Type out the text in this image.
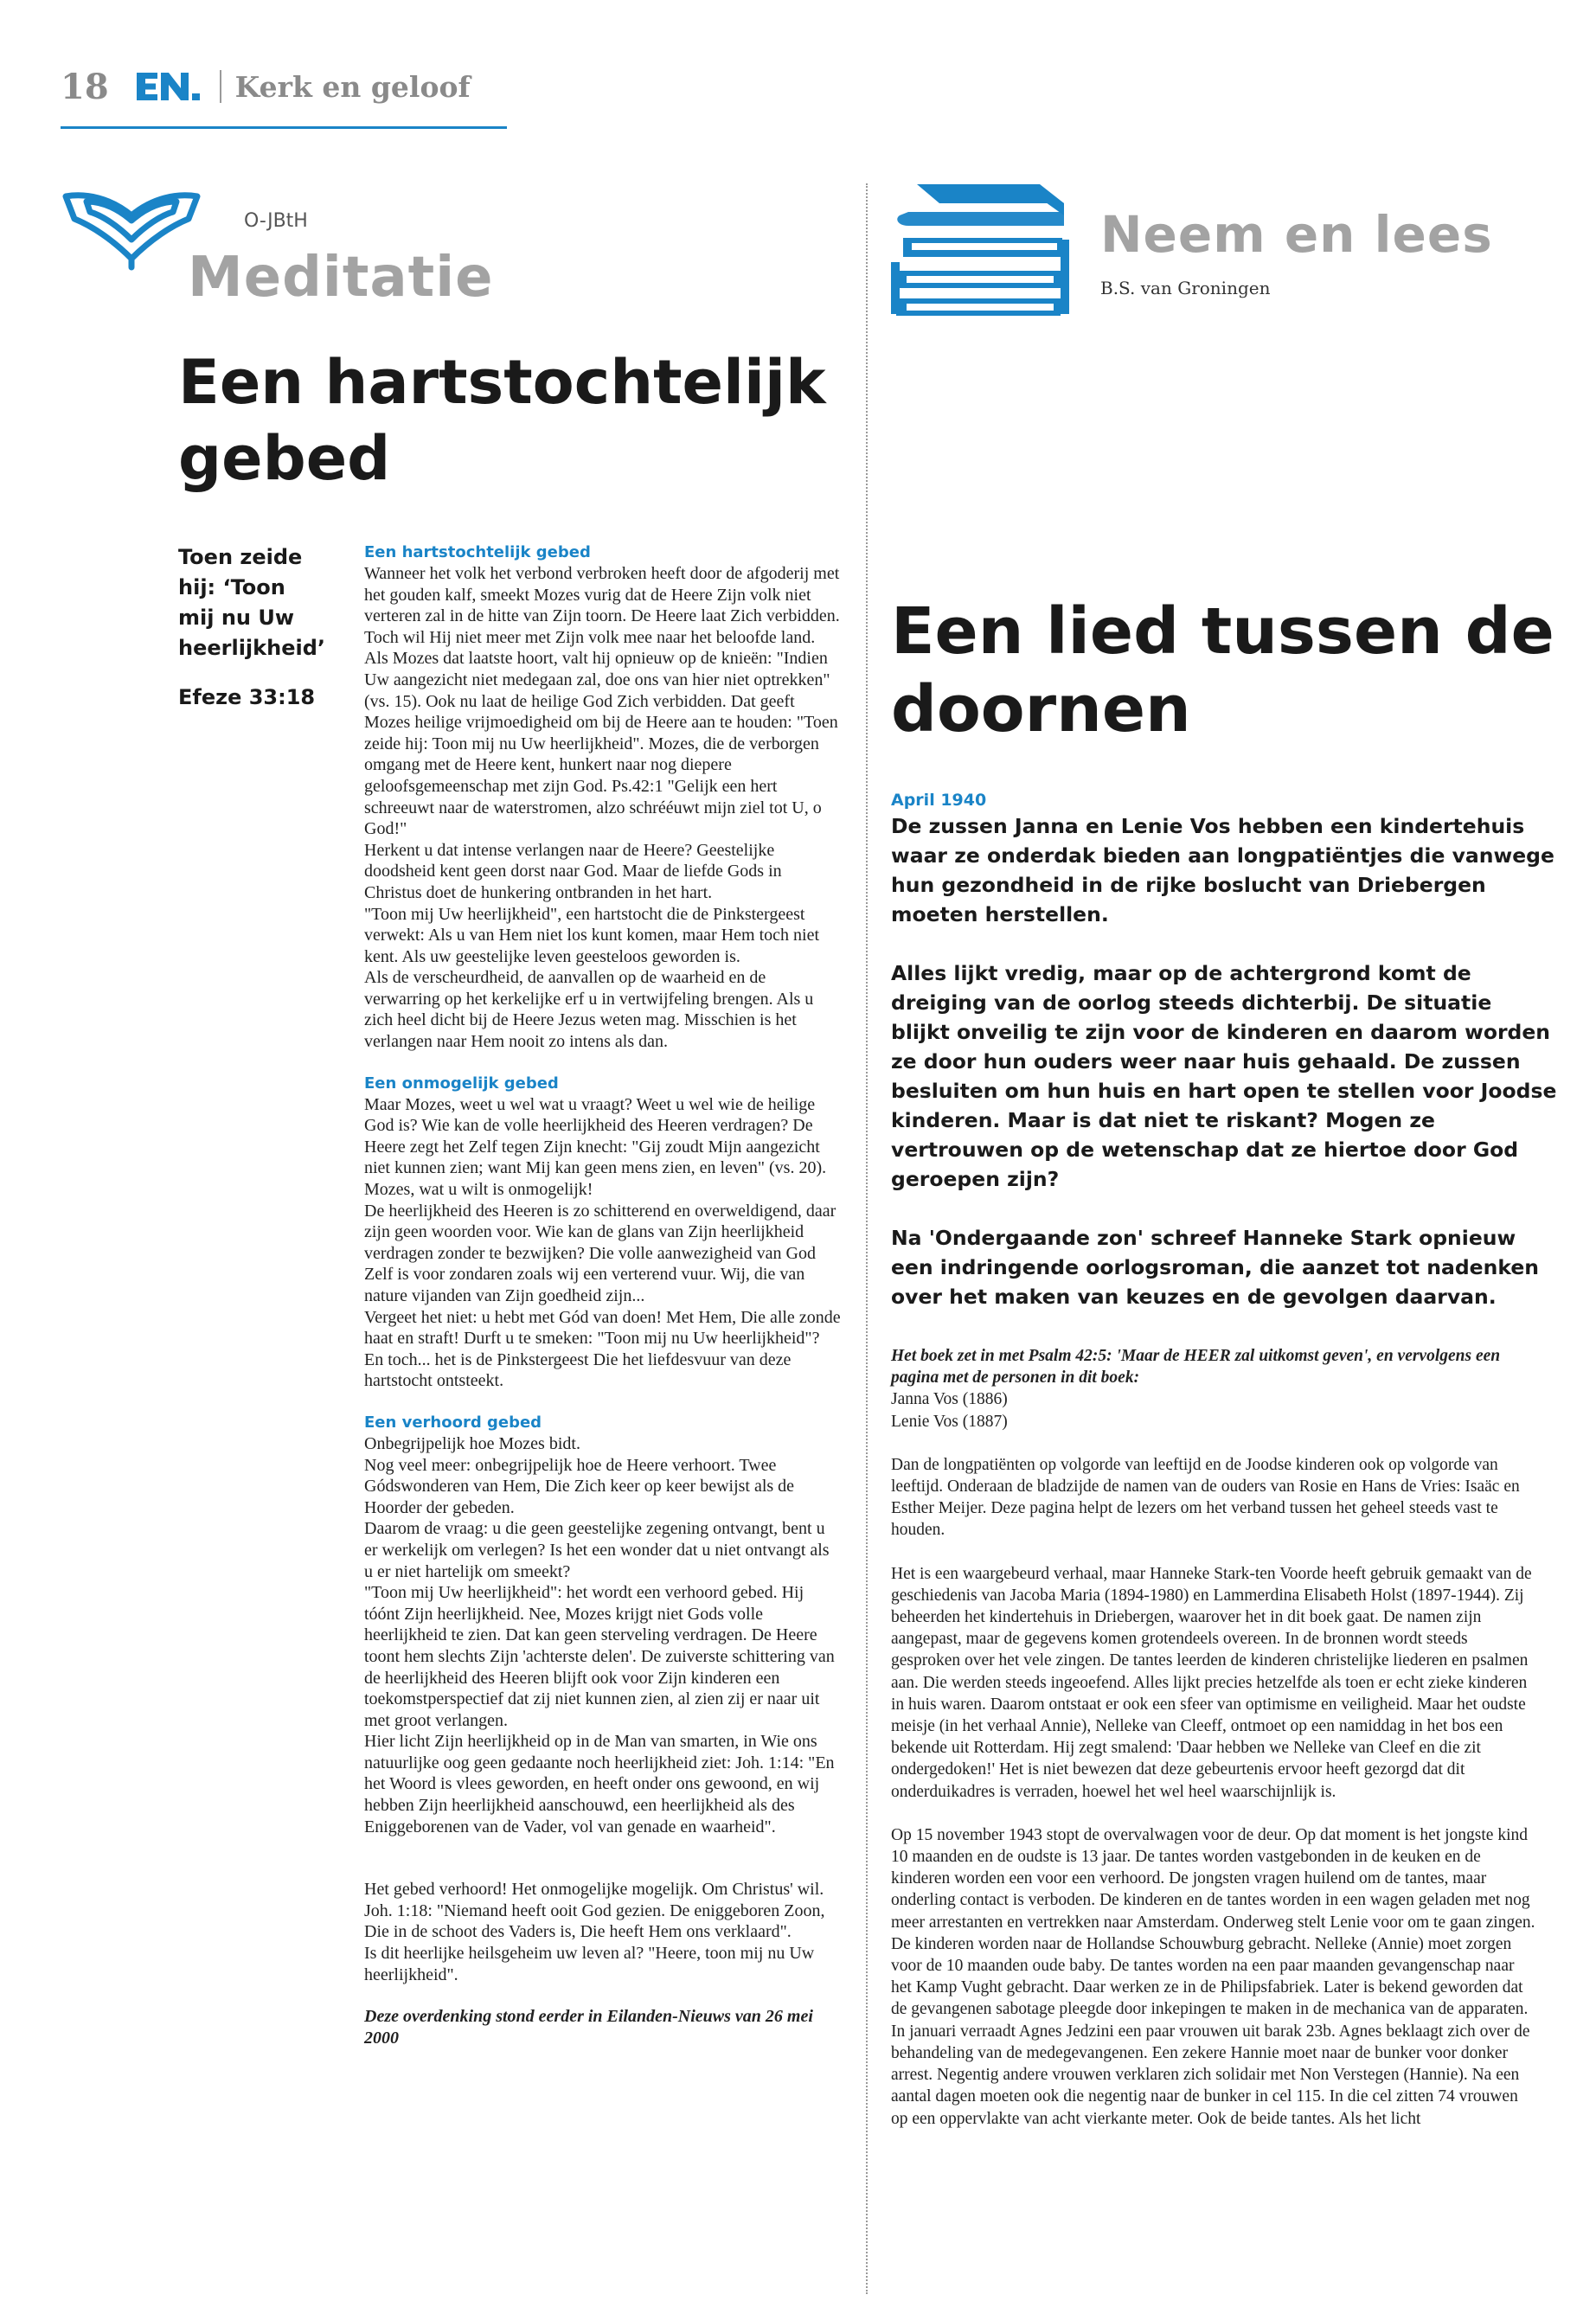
18	Kerk en geloof
O-JBtH
Meditatie
Een hartstochtelijk gebed
Toen zeide hij: ‘Toon mij nu Uw heerlijkheid’
Efeze 33:18
Een hartstochtelijk gebed

Wanneer het volk het verbond verbroken heeft door de afgoderij met het gouden kalf, smeekt Mozes vurig dat de Heere Zijn volk niet verteren zal in de hitte van Zijn toorn. De Heere laat Zich verbidden. Toch wil Hij niet meer met Zijn volk mee naar het beloofde land. Als Mozes dat laatste hoort, valt hij opnieuw op de knieën: "Indien Uw aangezicht niet medegaan zal, doe ons van hier niet optrekken" (vs. 15). Ook nu laat de heilige God Zich verbidden. Dat geeft Mozes heilige vrijmoedigheid om bij de Heere aan te houden: "Toen zeide hij: Toon mij nu Uw heerlijkheid". Mozes, die de verborgen omgang met de Heere kent, hunkert naar nog diepere geloofsgemeenschap met zijn God. Ps.42:1 "Gelijk een hert schreeuwt naar de waterstromen, alzo schrééuwt mijn ziel tot U, o God!"

Herkent u dat intense verlangen naar de Heere? Geestelijke doodsheid kent geen dorst naar God. Maar de liefde Gods in Christus doet de hunkering ontbranden in het hart.

"Toon mij Uw heerlijkheid", een hartstocht die de Pinkstergeest verwekt: Als u van Hem niet los kunt komen, maar Hem toch niet kent. Als uw geestelijke leven geesteloos geworden is.

Als de verscheurdheid, de aanvallen op de waarheid en de verwarring op het kerkelijke erf u in vertwijfeling brengen. Als u zich heel dicht bij de Heere Jezus weten mag. Misschien is het verlangen naar Hem nooit zo intens als dan.

Een onmogelijk gebed

Maar Mozes, weet u wel wat u vraagt? Weet u wel wie de heilige God is? Wie kan de volle heerlijkheid des Heeren verdragen? De Heere zegt het Zelf tegen Zijn knecht: "Gij zoudt Mijn aangezicht niet kunnen zien; want Mij kan geen mens zien, en leven" (vs. 20). Mozes, wat u wilt is onmogelijk!

De heerlijkheid des Heeren is zo schitterend en overweldigend, daar zijn geen woorden voor. Wie kan de glans van Zijn heerlijkheid verdragen zonder te bezwijken? Die volle aanwezigheid van God Zelf is voor zondaren zoals wij een verterend vuur. Wij, die van nature vijanden van Zijn goedheid zijn...

Vergeet het niet: u hebt met Gód van doen! Met Hem, Die alle zonde haat en straft! Durft u te smeken: "Toon mij nu Uw heerlijkheid"? En toch... het is de Pinkstergeest Die het liefdesvuur van deze hartstocht ontsteekt.

Een verhoord gebed

Onbegrijpelijk hoe Mozes bidt.

Nog veel meer: onbegrijpelijk hoe de Heere verhoort. Twee Gódswonderen van Hem, Die Zich keer op keer bewijst als de Hoorder der gebeden.

Daarom de vraag: u die geen geestelijke zegening ontvangt, bent u er werkelijk om verlegen? Is het een wonder dat u niet ontvangt als u er niet hartelijk om smeekt?

"Toon mij Uw heerlijkheid": het wordt een verhoord gebed. Hij tóónt Zijn heerlijkheid. Nee, Mozes krijgt niet Gods volle heerlijkheid te zien. Dat kan geen sterveling verdragen. De Heere toont hem slechts Zijn 'achterste delen'. De zuiverste schittering van de heerlijkheid des Heeren blijft ook voor Zijn kinderen een toekomstperspectief dat zij niet kunnen zien, al zien zij er naar uit met groot verlangen.

Hier licht Zijn heerlijkheid op in de Man van smarten, in Wie ons natuurlijke oog geen gedaante noch heerlijkheid ziet: Joh. 1:14: "En het Woord is vlees geworden, en heeft onder ons gewoond, en wij hebben Zijn heerlijkheid aanschouwd, een heerlijkheid als des Eniggeborenen van de Vader, vol van genade en waarheid".

Het gebed verhoord! Het onmogelijke mogelijk. Om Christus' wil. Joh. 1:18: "Niemand heeft ooit God gezien. De eniggeboren Zoon, Die in de schoot des Vaders is, Die heeft Hem ons verklaard".

Is dit heerlijke heilsgeheim uw leven al? "Heere, toon mij nu Uw heerlijkheid".

Deze overdenking stond eerder in Eilanden-Nieuws van 26 mei 2000

Neem en lees
B.S. van Groningen
Een lied tussen de doornen
April 1940

De zussen Janna en Lenie Vos hebben een kindertehuis waar ze onderdak bieden aan longpatiëntjes die vanwege hun gezondheid in de rijke boslucht van Driebergen moeten herstellen.

Alles lijkt vredig, maar op de achtergrond komt de dreiging van de oorlog steeds dichterbij. De situatie blijkt onveilig te zijn voor de kinderen en daarom worden ze door hun ouders weer naar huis gehaald. De zussen besluiten om hun huis en hart open te stellen voor Joodse kinderen. Maar is dat niet te riskant? Mogen ze vertrouwen op de wetenschap dat ze hiertoe door God geroepen zijn?

Na 'Ondergaande zon' schreef Hanneke Stark opnieuw een indringende oorlogsroman, die aanzet tot nadenken over het maken van keuzes en de gevolgen daarvan.

Het boek zet in met Psalm 42:5: 'Maar de HEER zal uitkomst geven', en vervolgens een pagina met de personen in dit boek:

Janna Vos (1886)

Lenie Vos (1887)

Dan de longpatiënten op volgorde van leeftijd en de Joodse kinderen ook op volgorde van leeftijd. Onderaan de bladzijde de namen van de ouders van Rosie en Hans de Vries: Isaäc en Esther Meijer. Deze pagina helpt de lezers om het verband tussen het geheel steeds vast te houden.

Het is een waargebeurd verhaal, maar Hanneke Stark-ten Voorde heeft gebruik gemaakt van de geschiedenis van Jacoba Maria (1894-1980) en Lammerdina Elisabeth Holst (1897-1944). Zij beheerden het kindertehuis in Driebergen, waarover het in dit boek gaat. De namen zijn aangepast, maar de gegevens komen grotendeels overeen. In de bronnen wordt steeds gesproken over het vele zingen. De tantes leerden de kinderen christelijke liederen en psalmen aan. Die werden steeds ingeoefend. Alles lijkt precies hetzelfde als toen er echt zieke kinderen in huis waren. Daarom ontstaat er ook een sfeer van optimisme en veiligheid. Maar het oudste meisje (in het verhaal Annie), Nelleke van Cleeff, ontmoet op een namiddag in het bos een bekende uit Rotterdam. Hij zegt smalend: 'Daar hebben we Nelleke van Cleef en die zit ondergedoken!' Het is niet bewezen dat deze gebeurtenis ervoor heeft gezorgd dat dit onderduikadres is verraden, hoewel het wel heel waarschijnlijk is.

Op 15 november 1943 stopt de overvalwagen voor de deur. Op dat moment is het jongste kind 10 maanden en de oudste is 13 jaar. De tantes worden vastgebonden in de keuken en de kinderen worden een voor een verhoord. De jongsten vragen huilend om de tantes, maar onderling contact is verboden. De kinderen en de tantes worden in een wagen geladen met nog meer arrestanten en vertrekken naar Amsterdam. Onderweg stelt Lenie voor om te gaan zingen. De kinderen worden naar de Hollandse Schouwburg gebracht. Nelleke (Annie) moet zorgen voor de 10 maanden oude baby. De tantes worden na een paar maanden gevangenschap naar het Kamp Vught gebracht. Daar werken ze in de Philipsfabriek. Later is bekend geworden dat de gevangenen sabotage pleegde door inkepingen te maken in de mechanica van de apparaten. In januari verraadt Agnes Jedzini een paar vrouwen uit barak 23b. Agnes beklaagt zich over de behandeling van de medegevangenen. Een zekere Hannie moet naar de bunker voor donker arrest. Negentig andere vrouwen verklaren zich solidair met Non Verstegen (Hannie). Na een aantal dagen moeten ook die negentig naar de bunker in cel 115. In die cel zitten 74 vrouwen op een oppervlakte van acht vierkante meter. Ook de beide tantes. Als het licht
